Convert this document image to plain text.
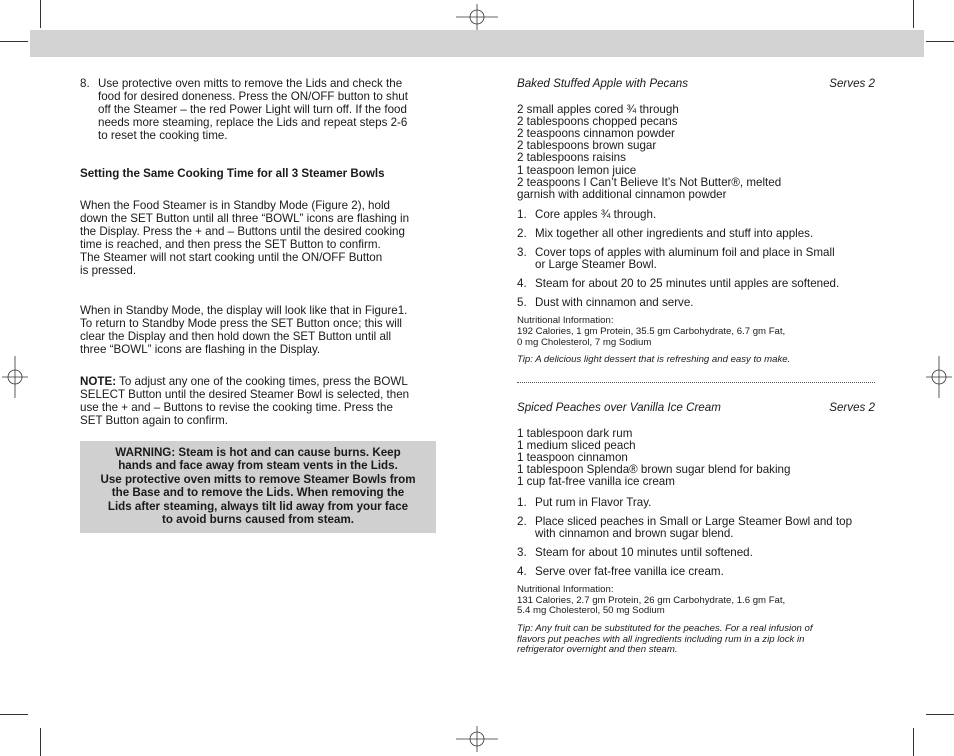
8. Use protective oven mitts to remove the Lids and check the
food for desired doneness. Press the ON/OFF button to shut
off the Steamer – the red Power Light will turn off. If the food
needs more steaming, replace the Lids and repeat steps 2-6
to reset the cooking time.

Setting the Same Cooking Time for all 3 Steamer Bowls

When the Food Steamer is in Standby Mode (Figure 2), hold
down the SET Button until all three “BOWL” icons are flashing in
the Display. Press the + and – Buttons until the desired cooking
time is reached, and then press the SET Button to confirm.
The Steamer will not start cooking until the ON/OFF Button
is pressed.
When in Standby Mode, the display will look like that in Figure1.
To return to Standby Mode press the SET Button once; this will
clear the Display and then hold down the SET Button until all
three “BOWL” icons are flashing in the Display.
NOTE: To adjust any one of the cooking times, press the BOWL
SELECT Button until the desired Steamer Bowl is selected, then
use the + and – Buttons to revise the cooking time. Press the
SET Button again to confirm.
WARNING: Steam is hot and can cause burns. Keep
hands and face away from steam vents in the Lids.
Use protective oven mitts to remove Steamer Bowls from
the Base and to remove the Lids. When removing the
Lids after steaming, always tilt lid away from your face
to avoid burns caused from steam.
Baked Stuffed Apple with Pecans	Serves 2
2 small apples cored ¾ through
2 tablespoons chopped pecans
2 teaspoons cinnamon powder
2 tablespoons brown sugar
2 tablespoons raisins
1 teaspoon lemon juice
2 teaspoons I Can’t Believe It’s Not Butter®, melted
garnish with additional cinnamon powder
1. Core apples ¾ through.
2. Mix together all other ingredients and stuff into apples.
3. Cover tops of apples with aluminum foil and place in Small
or Large Steamer Bowl.
4. Steam for about 20 to 25 minutes until apples are softened.
5. Dust with cinnamon and serve.
Nutritional Information:
192 Calories, 1 gm Protein, 35.5 gm Carbohydrate, 6.7 gm Fat,
0 mg Cholesterol, 7 mg Sodium
Tip: A delicious light dessert that is refreshing and easy to make.
Spiced Peaches over Vanilla Ice Cream	Serves 2
1 tablespoon dark rum
1 medium sliced peach
1 teaspoon cinnamon
1 tablespoon Splenda® brown sugar blend for baking
1 cup fat-free vanilla ice cream
1. Put rum in Flavor Tray.
2. Place sliced peaches in Small or Large Steamer Bowl and top
with cinnamon and brown sugar blend.
3. Steam for about 10 minutes until softened.
4. Serve over fat-free vanilla ice cream.
Nutritional Information:
131 Calories, 2.7 gm Protein, 26 gm Carbohydrate, 1.6 gm Fat,
5.4 mg Cholesterol, 50 mg Sodium
Tip: Any fruit can be substituted for the peaches. For a real infusion of
flavors put peaches with all ingredients including rum in a zip lock in
refrigerator overnight and then steam.
